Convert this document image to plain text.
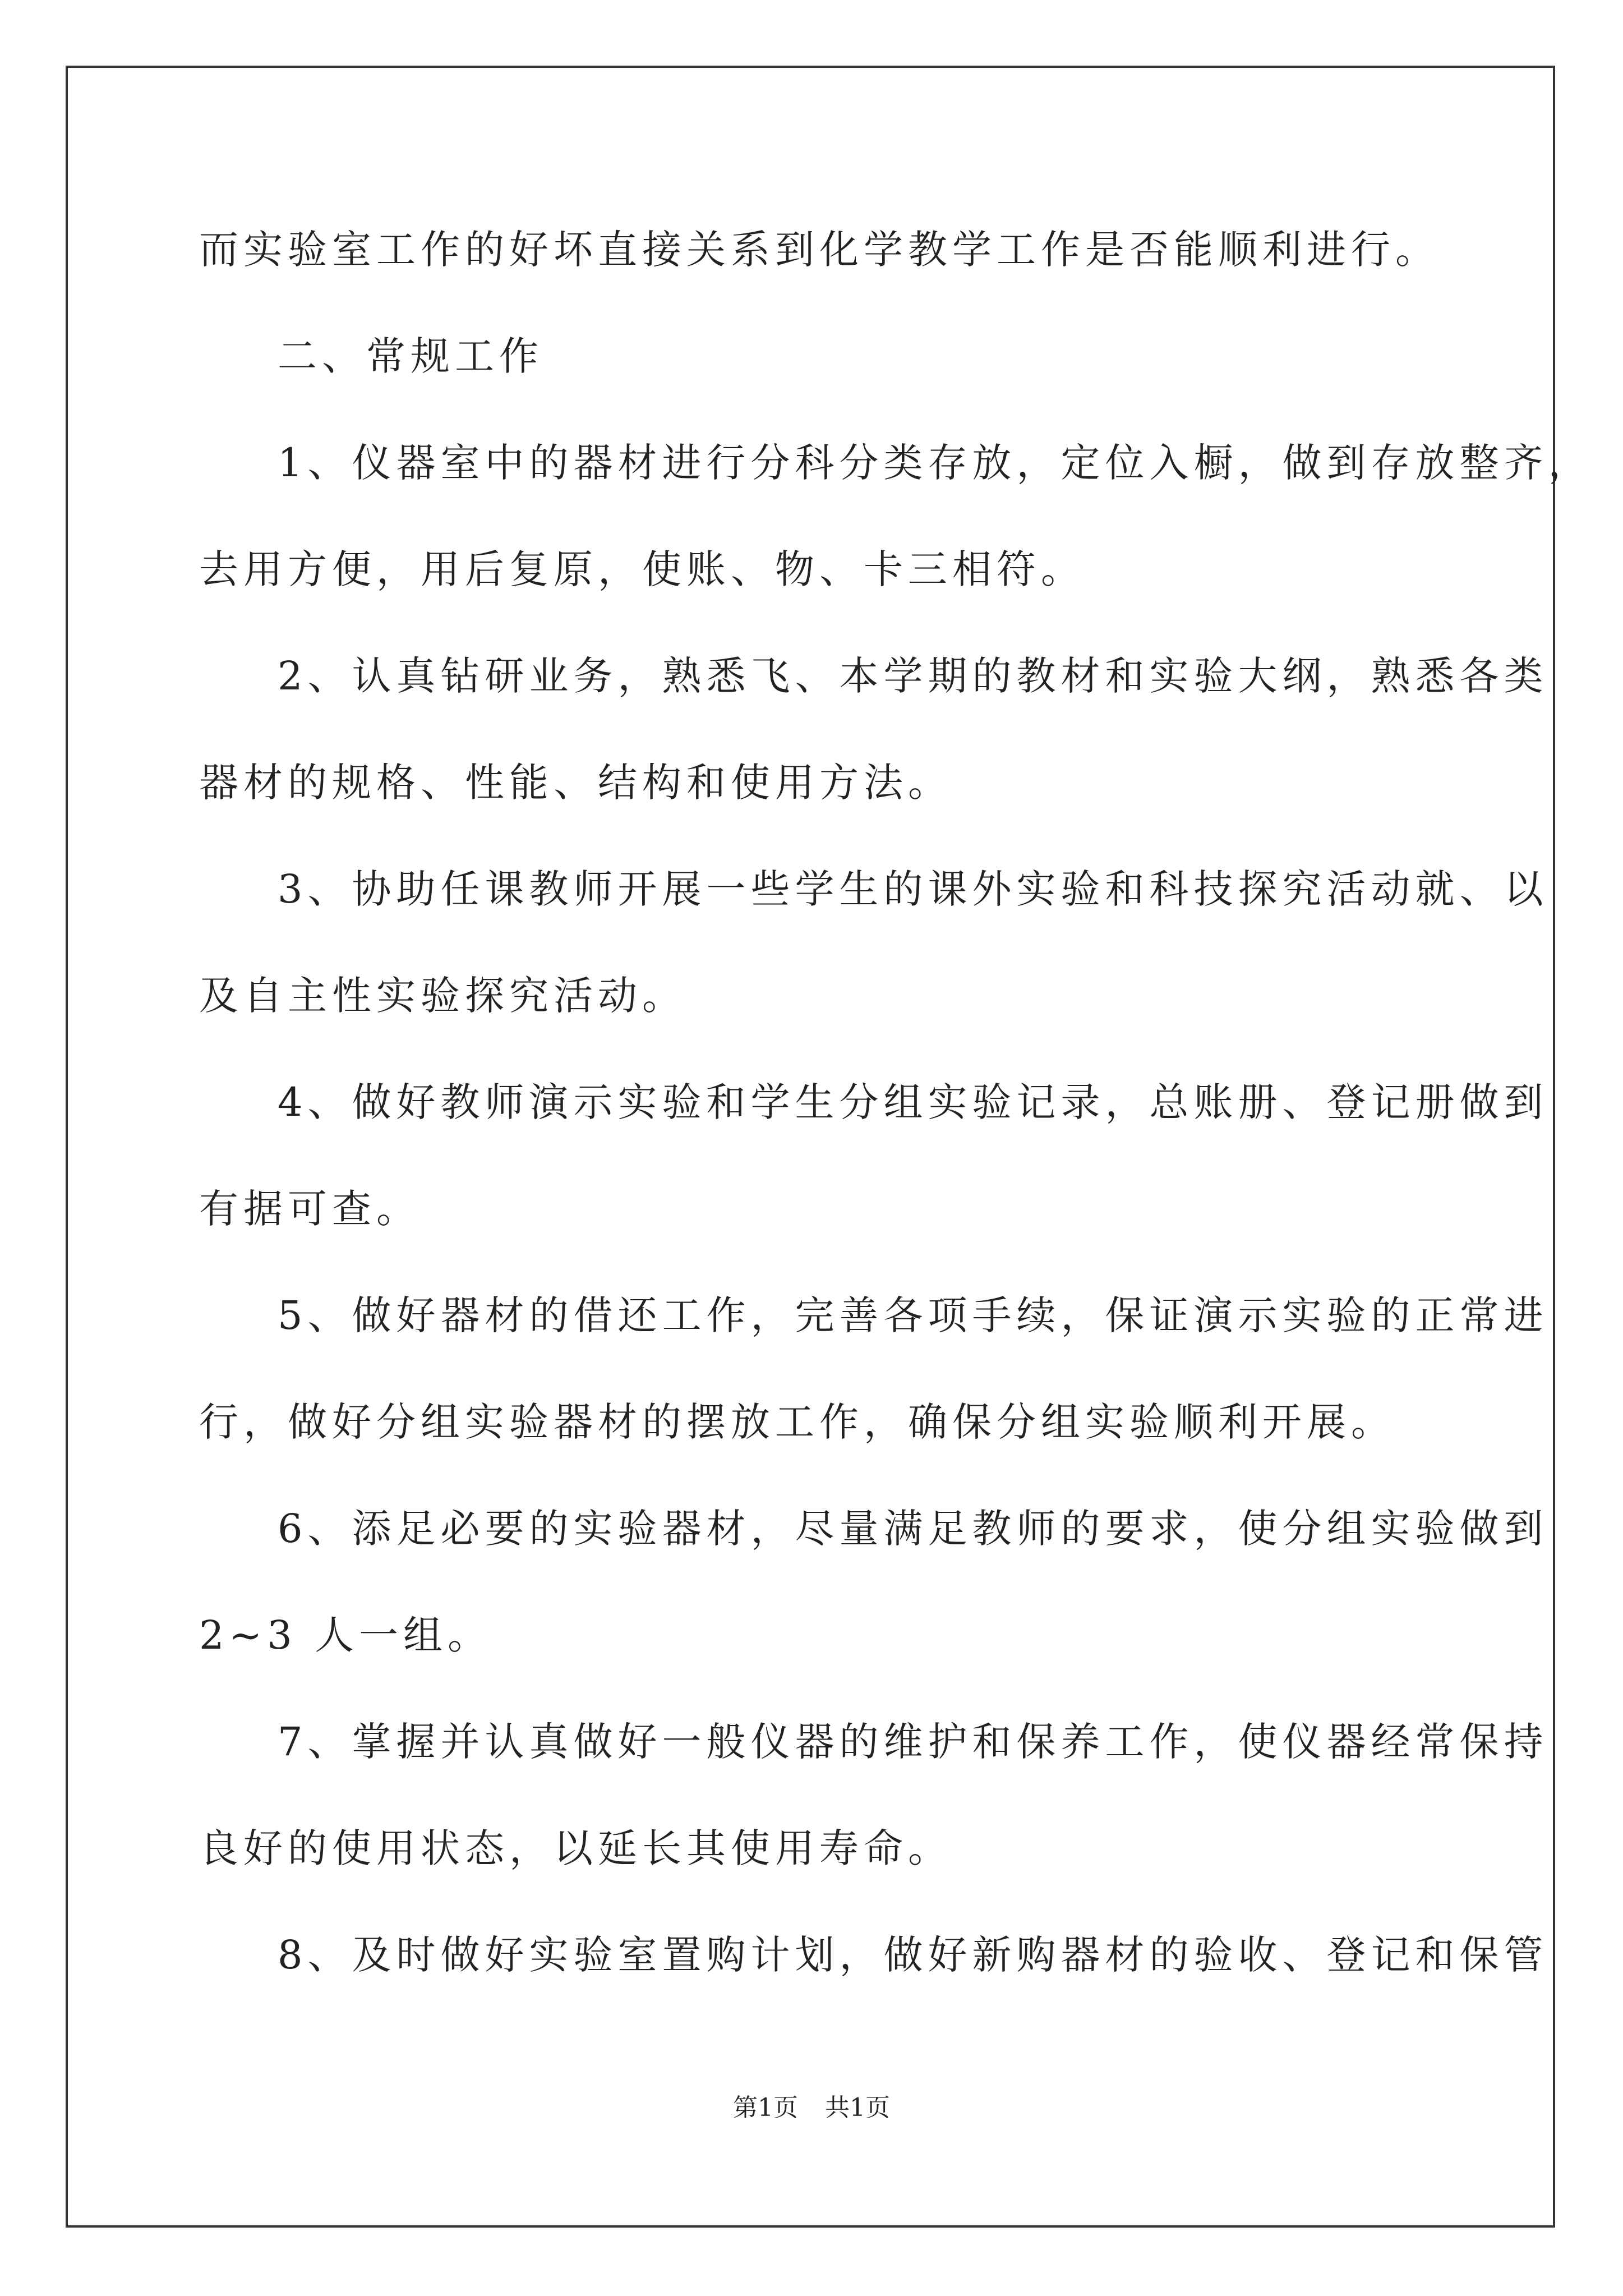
而实验室工作的好坏直接关系到化学教学工作是否能顺利进行。

二、常规工作

1、仪器室中的器材进行分科分类存放，定位入橱，做到存放整齐，

去用方便，用后复原，使账、物、卡三相符。

2、认真钻研业务，熟悉飞、本学期的教材和实验大纲，熟悉各类

器材的规格、性能、结构和使用方法。

3、协助任课教师开展一些学生的课外实验和科技探究活动就、以

及自主性实验探究活动。

4、做好教师演示实验和学生分组实验记录，总账册、登记册做到

有据可查。

5、做好器材的借还工作，完善各项手续，保证演示实验的正常进

行，做好分组实验器材的摆放工作，确保分组实验顺利开展。

6、添足必要的实验器材，尽量满足教师的要求，使分组实验做到

2~3 人一组。

7、掌握并认真做好一般仪器的维护和保养工作，使仪器经常保持

良好的使用状态，以延长其使用寿命。

8、及时做好实验室置购计划，做好新购器材的验收、登记和保管

第1页 共1页
